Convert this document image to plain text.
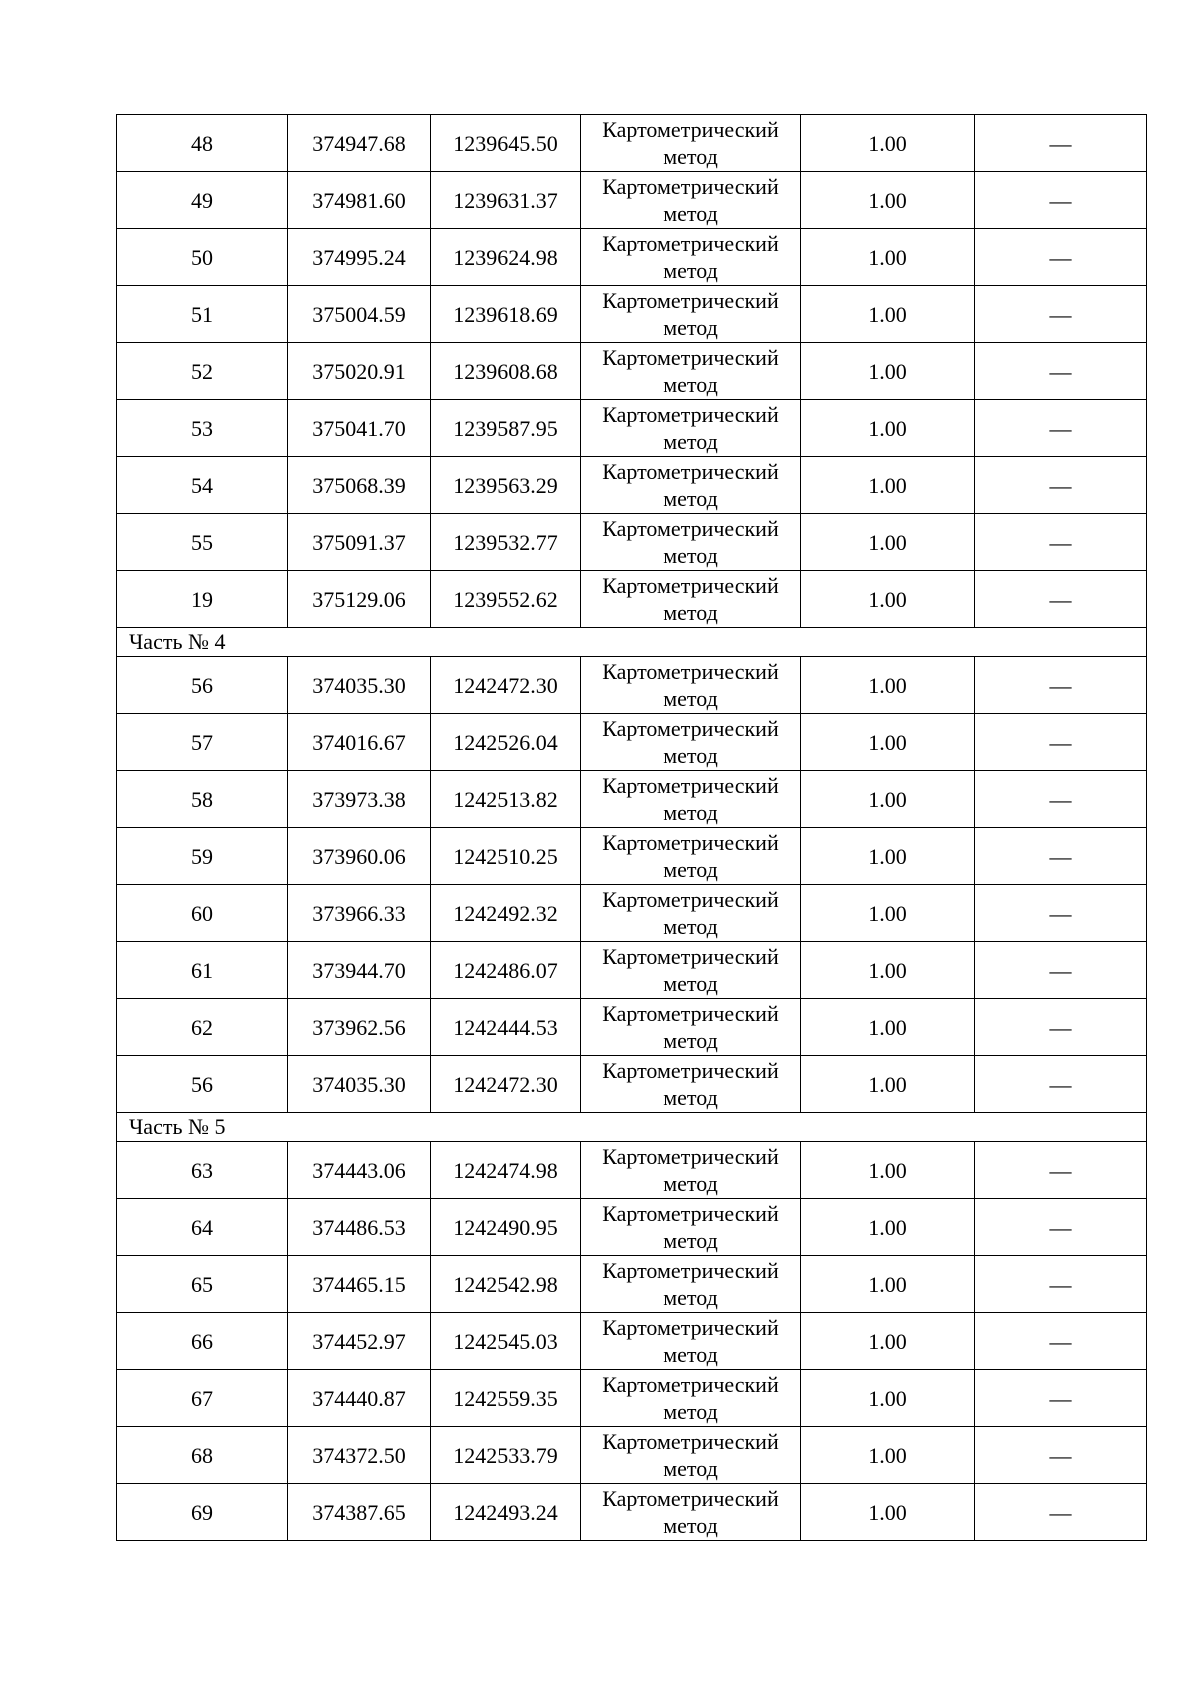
48	374947.68	1239645.50	Картометрический
метод	1.00	—
49	374981.60	1239631.37	Картометрический
метод	1.00	—
50	374995.24	1239624.98	Картометрический
метод	1.00	—
51	375004.59	1239618.69	Картометрический
метод	1.00	—
52	375020.91	1239608.68	Картометрический
метод	1.00	—
53	375041.70	1239587.95	Картометрический
метод	1.00	—
54	375068.39	1239563.29	Картометрический
метод	1.00	—
55	375091.37	1239532.77	Картометрический
метод	1.00	—
19	375129.06	1239552.62	Картометрический
метод	1.00	—
Часть № 4					
56	374035.30	1242472.30	Картометрический
метод	1.00	—
57	374016.67	1242526.04	Картометрический
метод	1.00	—
58	373973.38	1242513.82	Картометрический
метод	1.00	—
59	373960.06	1242510.25	Картометрический
метод	1.00	—
60	373966.33	1242492.32	Картометрический
метод	1.00	—
61	373944.70	1242486.07	Картометрический
метод	1.00	—
62	373962.56	1242444.53	Картометрический
метод	1.00	—
56	374035.30	1242472.30	Картометрический
метод	1.00	—
Часть № 5					
63	374443.06	1242474.98	Картометрический
метод	1.00	—
64	374486.53	1242490.95	Картометрический
метод	1.00	—
65	374465.15	1242542.98	Картометрический
метод	1.00	—
66	374452.97	1242545.03	Картометрический
метод	1.00	—
67	374440.87	1242559.35	Картометрический
метод	1.00	—
68	374372.50	1242533.79	Картометрический
метод	1.00	—
69	374387.65	1242493.24	Картометрический
метод	1.00	—
